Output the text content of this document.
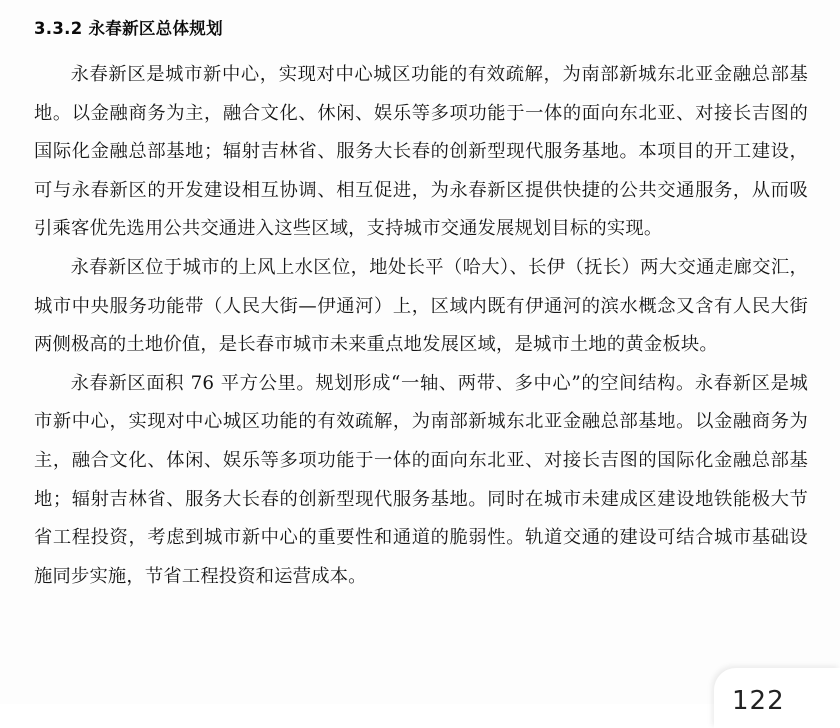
3.3.2 永春新区总体规划

永春新区是城市新中心，实现对中心城区功能的有效疏解，为南部新城东北亚金融总部基地。以金融商务为主，融合文化、休闲、娱乐等多项功能于一体的面向东北亚、对接长吉图的国际化金融总部基地；辐射吉林省、服务大长春的创新型现代服务基地。本项目的开工建设，可与永春新区的开发建设相互协调、相互促进，为永春新区提供快捷的公共交通服务，从而吸引乘客优先选用公共交通进入这些区域，支持城市交通发展规划目标的实现。

永春新区位于城市的上风上水区位，地处长平（哈大）、长伊（抚长）两大交通走廊交汇，城市中央服务功能带（人民大街—伊通河）上，区域内既有伊通河的滨水概念又含有人民大街两侧极高的土地价值，是长春市城市未来重点地发展区域，是城市土地的黄金板块。

永春新区面积 76 平方公里。规划形成“一轴、两带、多中心”的空间结构。永春新区是城市新中心，实现对中心城区功能的有效疏解，为南部新城东北亚金融总部基地。以金融商务为主，融合文化、体闲、娱乐等多项功能于一体的面向东北亚、对接长吉图的国际化金融总部基地；辐射吉林省、服务大长春的创新型现代服务基地。同时在城市未建成区建设地铁能极大节省工程投资，考虑到城市新中心的重要性和通道的脆弱性。轨道交通的建设可结合城市基础设施同步实施，节省工程投资和运营成本。

122
